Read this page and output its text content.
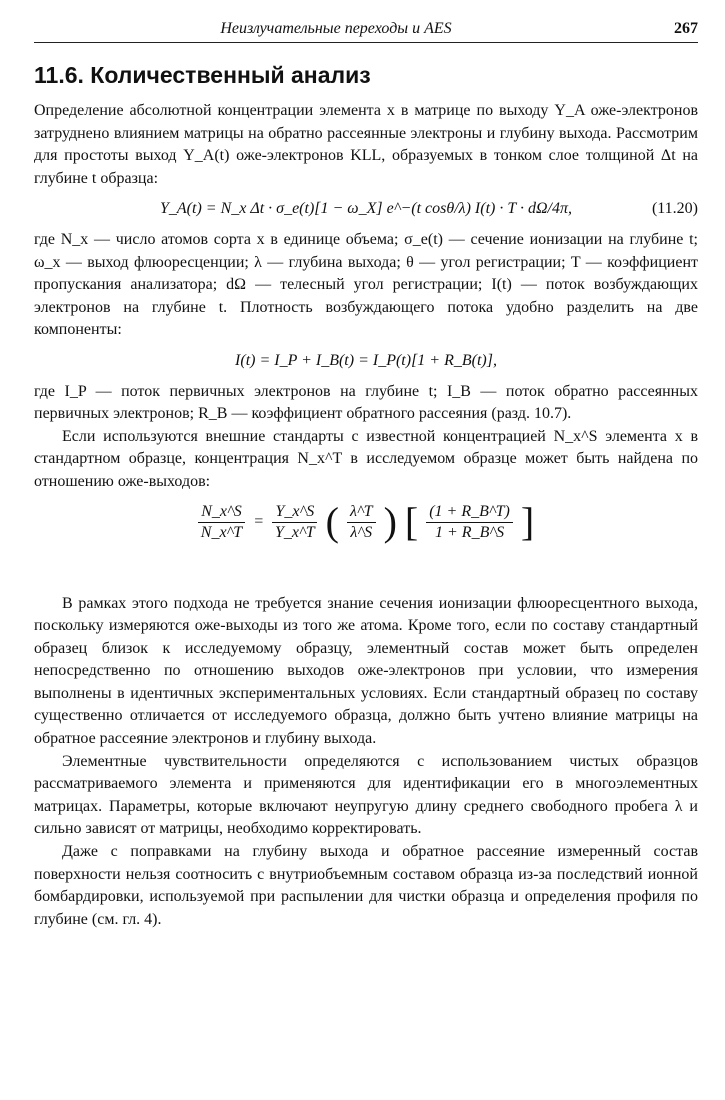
Неизлучательные переходы и AES	267
11.6. Количественный анализ

Определение абсолютной концентрации элемента x в матрице по выходу Y_A оже-электронов затруднено влиянием матрицы на обратно рассеянные электроны и глубину выхода. Рассмотрим для простоты выход Y_A(t) оже-электронов KLL, образуемых в тонком слое толщиной Δt на глубине t образца:

Y_A(t) = N_x Δt · σ_e(t)[1 − ω_X] e^−(t cosθ/λ) I(t) · T · dΩ/4π,	(11.20)

где N_x — число атомов сорта x в единице объема; σ_e(t) — сечение ионизации на глубине t; ω_x — выход флюоресценции; λ — глубина выхода; θ — угол регистрации; T — коэффициент пропускания анализатора; dΩ — телесный угол регистрации; I(t) — поток возбуждающих электронов на глубине t. Плотность возбуждающего потока удобно разделить на две компоненты:

I(t) = I_P + I_B(t) = I_P(t)[1 + R_B(t)],

где I_P — поток первичных электронов на глубине t; I_B — поток обратно рассеянных первичных электронов; R_B — коэффициент обратного рассеяния (разд. 10.7).

Если используются внешние стандарты с известной концентрацией N_x^S элемента x в стандартном образце, концентрация N_x^T в исследуемом образце может быть найдена по отношению оже-выходов:

$\frac{N\_x\^{}S}{N\_x\^{}T} = \frac{Y\_x\^{}S}{Y\_x\^{}T}$ ( $\frac{\lambda\^{}T}{\lambda\^{}S}$ ) [ $\frac{(1 + R\_B\^{}T)}{1 + R\_B\^{}S}$ ]

В рамках этого подхода не требуется знание сечения ионизации флюоресцентного выхода, поскольку измеряются оже-выходы из того же атома. Кроме того, если по составу стандартный образец близок к исследуемому образцу, элементный состав может быть определен непосредственно по отношению выходов оже-электронов при условии, что измерения выполнены в идентичных экспериментальных условиях. Если стандартный образец по составу существенно отличается от исследуемого образца, должно быть учтено влияние матрицы на обратное рассеяние электронов и глубину выхода.

Элементные чувствительности определяются с использованием чистых образцов рассматриваемого элемента и применяются для идентификации его в многоэлементных матрицах. Параметры, которые включают неупругую длину среднего свободного пробега λ и сильно зависят от матрицы, необходимо корректировать.

Даже с поправками на глубину выхода и обратное рассеяние измеренный состав поверхности нельзя соотносить с внутриобъемным составом образца из-за последствий ионной бомбардировки, используемой при распылении для чистки образца и определения профиля по глубине (см. гл. 4).
